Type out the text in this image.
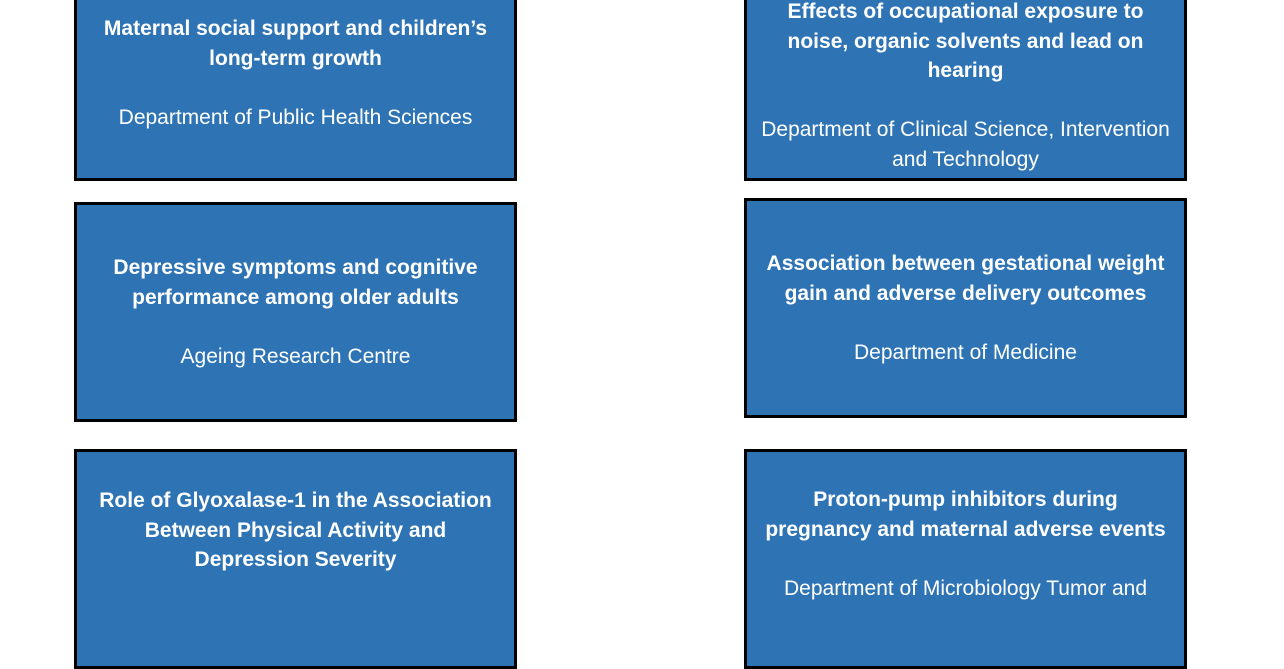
Maternal social support and children’s long-term growth
Department of Public Health Sciences
Effects of occupational exposure to noise, organic solvents and lead on hearing
Department of Clinical Science, Intervention and Technology
Depressive symptoms and cognitive performance among older adults
Ageing Research Centre
Association between gestational weight gain and adverse delivery outcomes
Department of Medicine
Role of Glyoxalase-1 in the Association Between Physical Activity and Depression Severity
Proton-pump inhibitors during pregnancy and maternal adverse events
Department of Microbiology Tumor and
